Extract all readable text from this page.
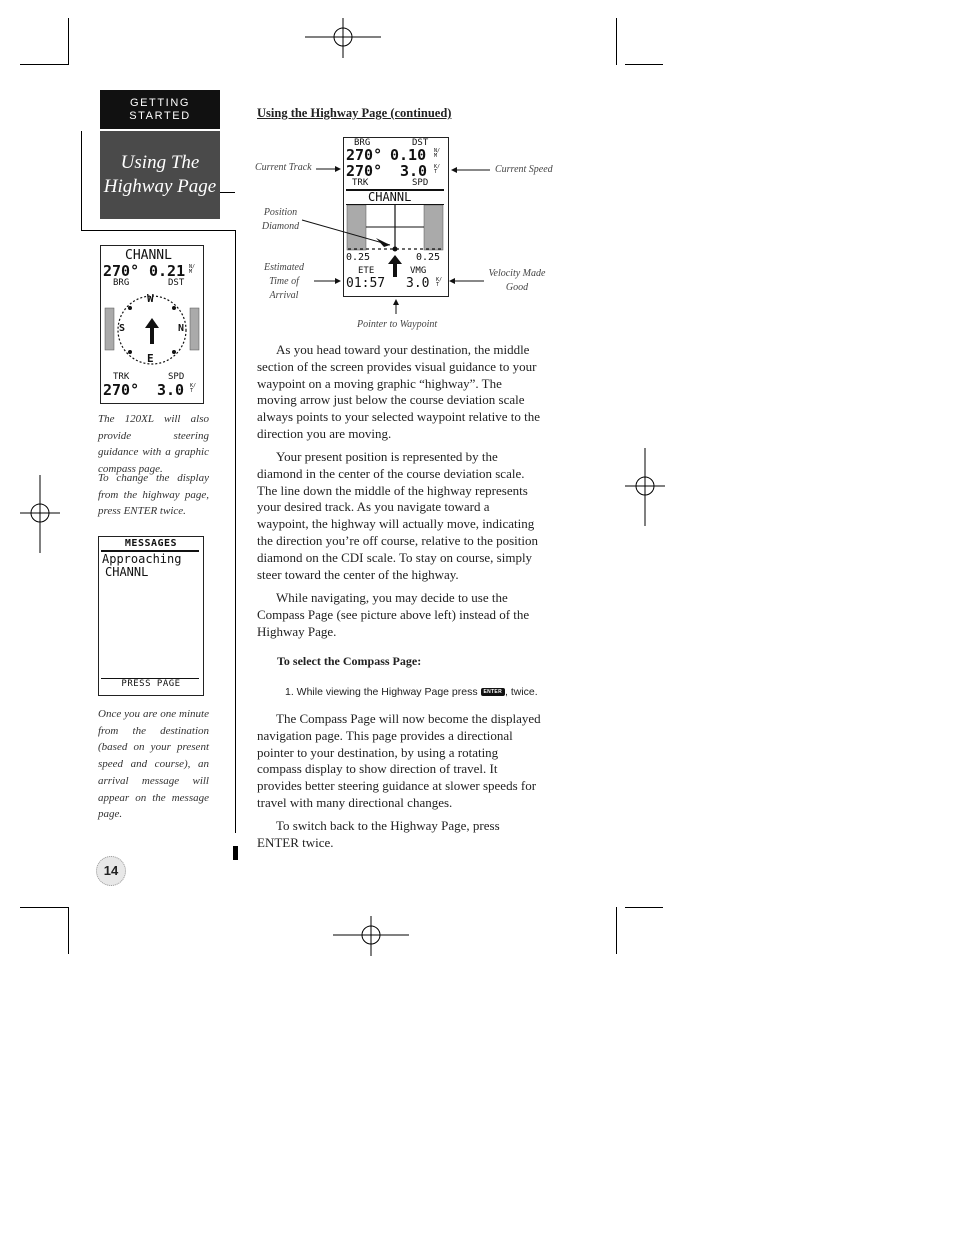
GETTING
STARTED
Using The
Highway Page
CHANNL
270° 0.21 N/M
BRG	DST
W
E
S	N
TRK	SPD
270° 3.0 K/T
The 120XL will also provide steering guidance with a graphic compass page.
To change the display from the highway page, press ENTER twice.
MESSAGES
Approaching
CHANNL
PRESS PAGE
Once you are one minute from the destination (based on your present speed and course), an arrival message will appear on the message page.
14
Using the Highway Page (continued)
BRG	DST
270° 0.10 N/M
270° 3.0 K/T
TRK	SPD
CHANNL
0.25	0.25
ETE	VMG
01:57 3.0 K/T
Current Track	Current Speed
Position Diamond
Estimated Time of Arrival
Velocity Made Good
Pointer to Waypoint

As you head toward your destination, the middle section of the screen provides visual guidance to your waypoint on a moving graphic “highway”. The moving arrow just below the course deviation scale always points to your selected waypoint relative to the direction you are moving.

Your present position is represented by the diamond in the center of the course deviation scale. The line down the middle of the highway represents your desired track. As you navigate toward a waypoint, the highway will actually move, indicating the direction you’re off course, relative to the position diamond on the CDI scale. To stay on course, simply steer toward the center of the highway.

While navigating, you may decide to use the Compass Page (see picture above left) instead of the Highway Page.

To select the Compass Page:
1. While viewing the Highway Page press ENTER , twice.

The Compass Page will now become the displayed navigation page. This page provides a directional pointer to your destination, by using a rotating compass display to show direction of travel. It provides better steering guidance at slower speeds for travel with many directional changes.

To switch back to the Highway Page, press ENTER twice.
